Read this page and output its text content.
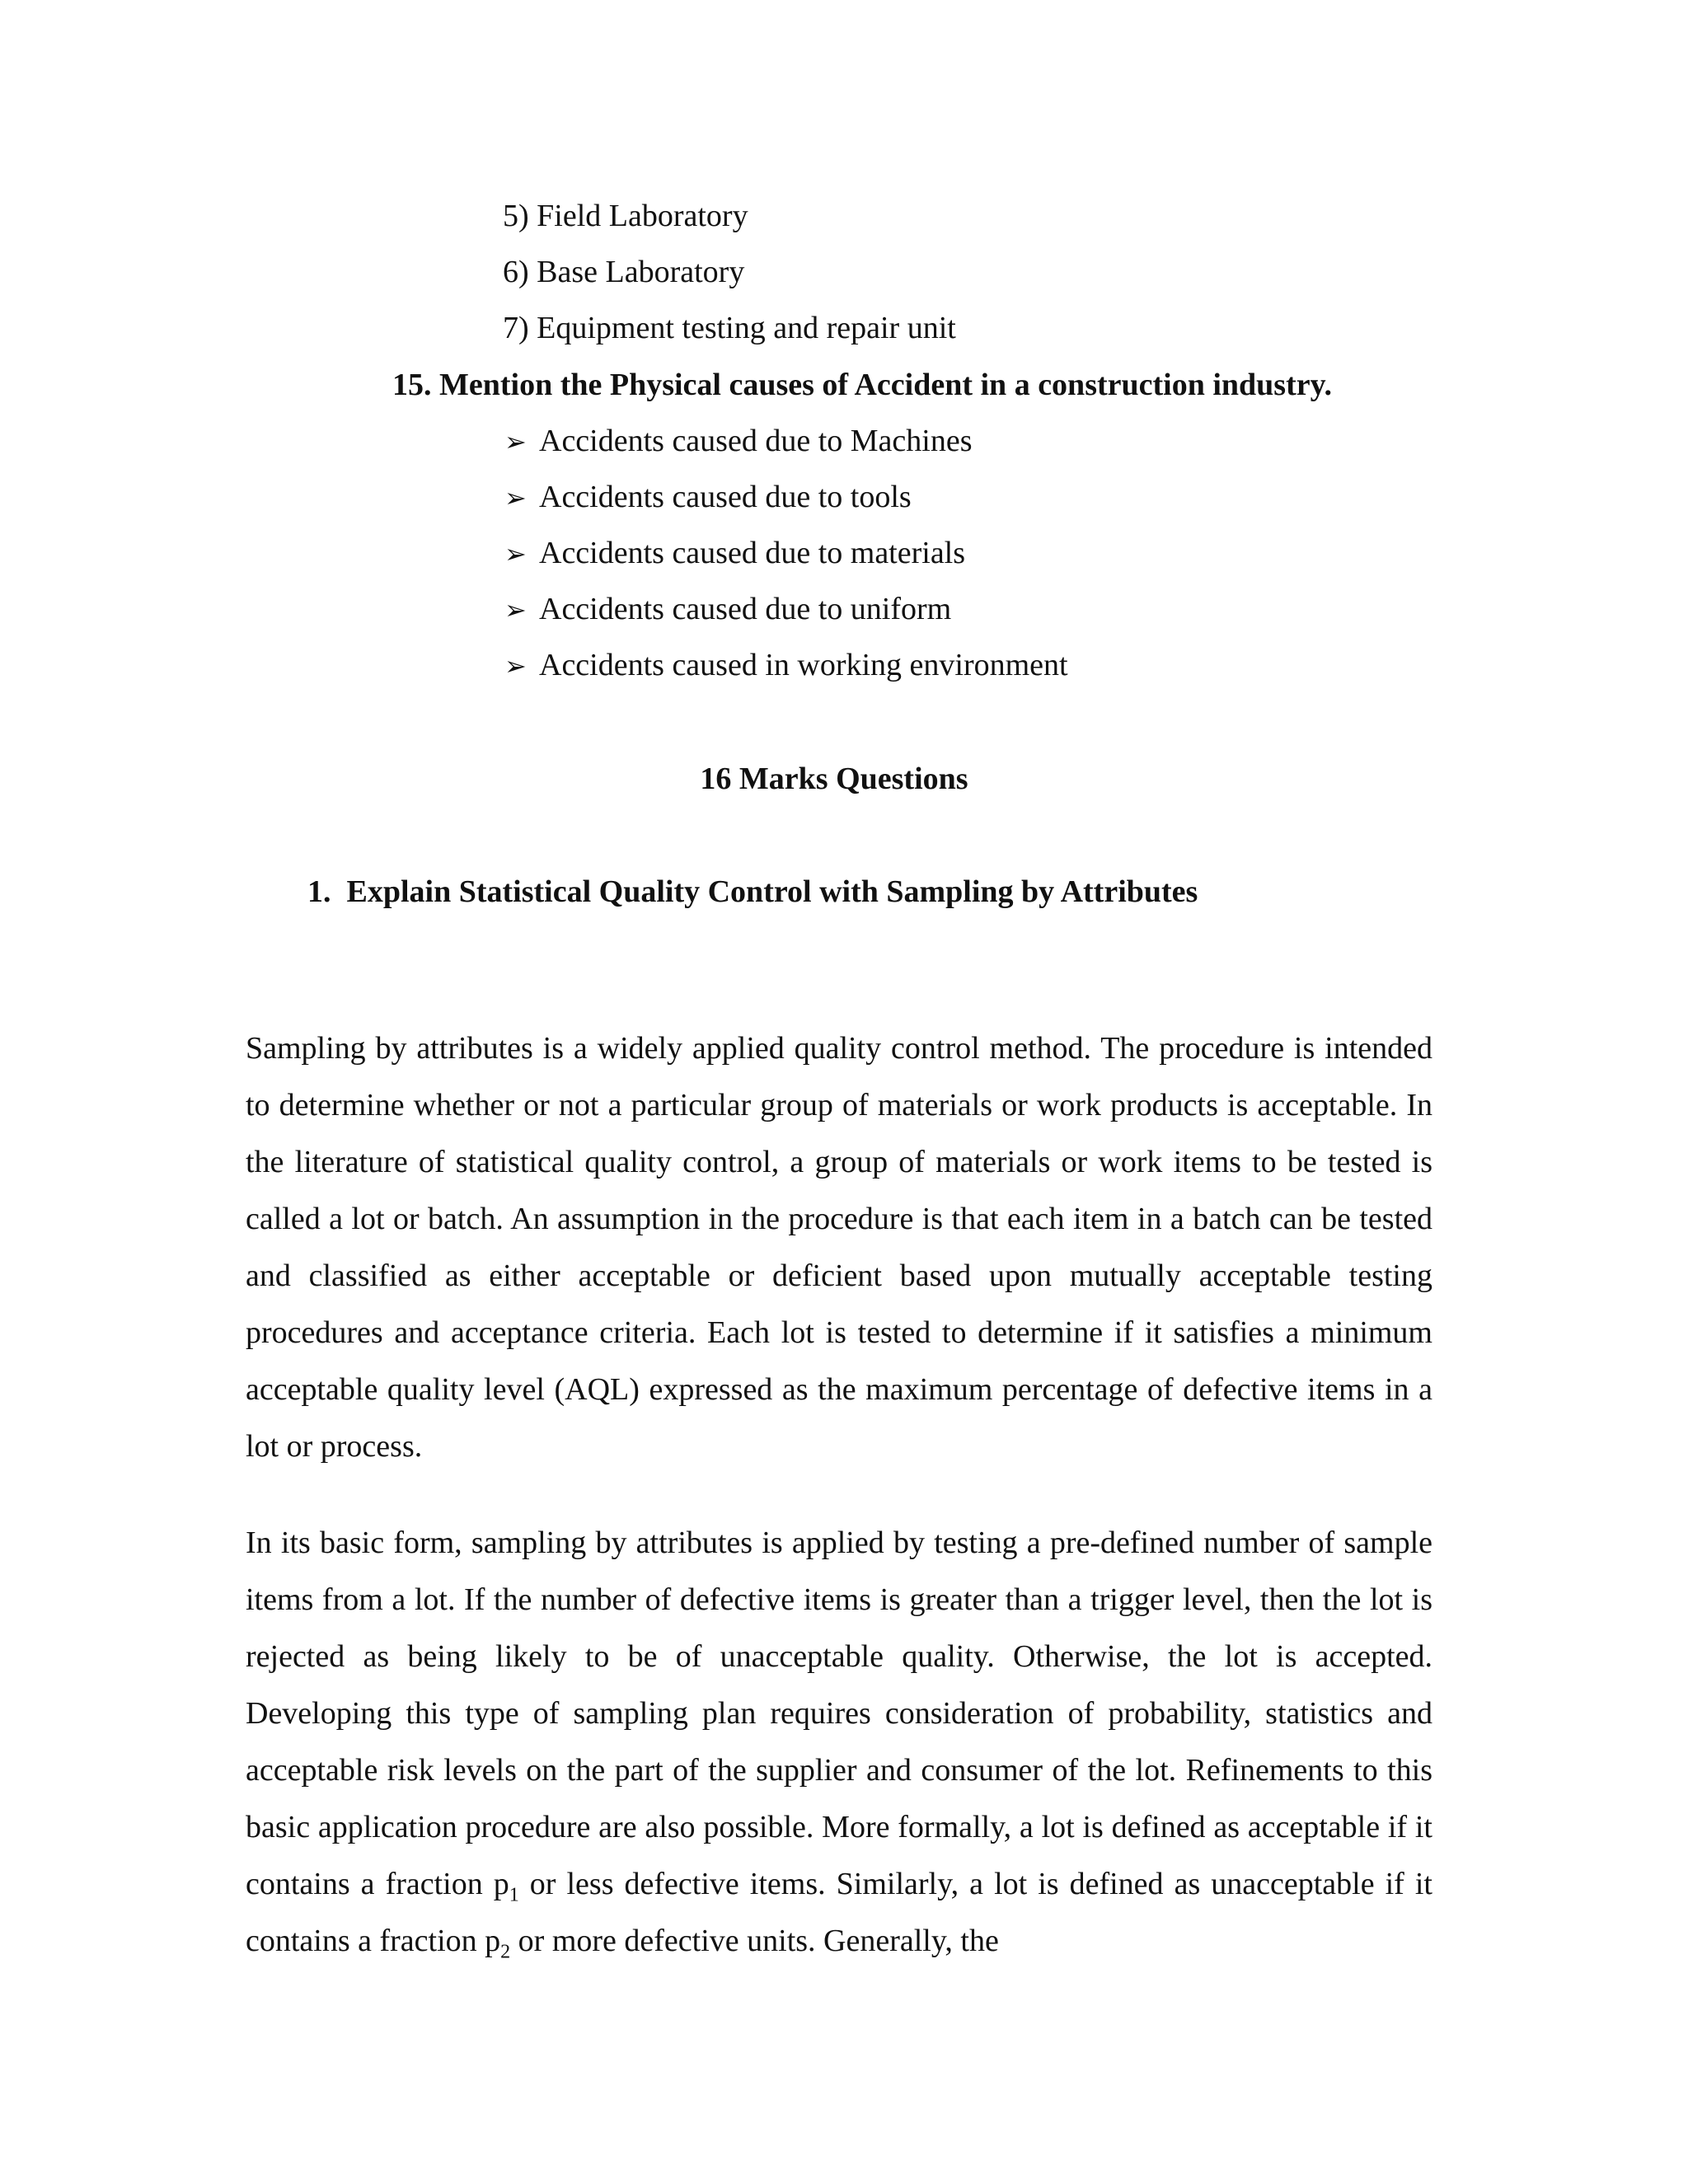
5) Field Laboratory
6) Base Laboratory
7) Equipment testing and repair unit
15. Mention the Physical causes of Accident in a construction industry.
➢ Accidents caused due to Machines
➢ Accidents caused due to tools
➢ Accidents caused due to materials
➢ Accidents caused due to uniform
➢ Accidents caused in working environment
16 Marks Questions
1. Explain Statistical Quality Control with Sampling by Attributes

Sampling by attributes is a widely applied quality control method. The procedure is intended to determine whether or not a particular group of materials or work products is acceptable. In the literature of statistical quality control, a group of materials or work items to be tested is called a lot or batch. An assumption in the procedure is that each item in a batch can be tested and classified as either acceptable or deficient based upon mutually acceptable testing procedures and acceptance criteria. Each lot is tested to determine if it satisfies a minimum acceptable quality level (AQL) expressed as the maximum percentage of defective items in a lot or process.

In its basic form, sampling by attributes is applied by testing a pre-defined number of sample items from a lot. If the number of defective items is greater than a trigger level, then the lot is rejected as being likely to be of unacceptable quality. Otherwise, the lot is accepted. Developing this type of sampling plan requires consideration of probability, statistics and acceptable risk levels on the part of the supplier and consumer of the lot. Refinements to this basic application procedure are also possible. More formally, a lot is defined as acceptable if it contains a fraction $p_1$ or less defective items. Similarly, a lot is defined as unacceptable if it contains a fraction $p_2$ or more defective units. Generally, the
